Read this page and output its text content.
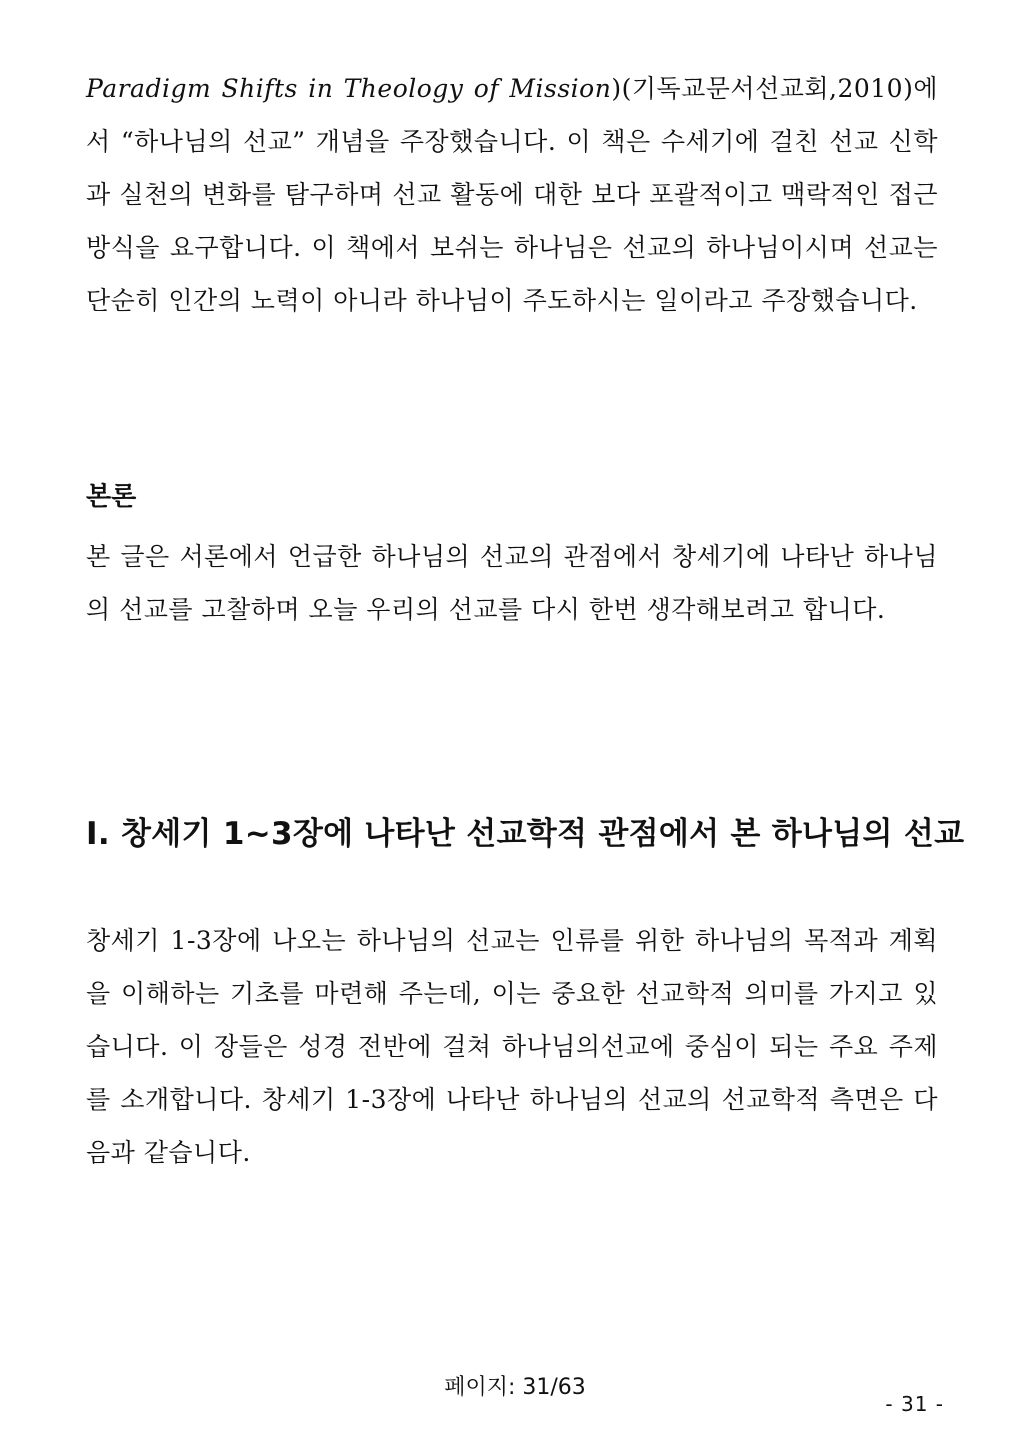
Paradigm Shifts in Theology of Mission)(기독교문서선교회,2010)에서 “하나님의 선교” 개념을 주장했습니다. 이 책은 수세기에 걸친 선교 신학과 실천의 변화를 탐구하며 선교 활동에 대한 보다 포괄적이고 맥락적인 접근 방식을 요구합니다. 이 책에서 보쉬는 하나님은 선교의 하나님이시며 선교는 단순히 인간의 노력이 아니라 하나님이 주도하시는 일이라고 주장했습니다.

본론

본 글은 서론에서 언급한 하나님의 선교의 관점에서 창세기에 나타난 하나님의 선교를 고찰하며 오늘 우리의 선교를 다시 한번 생각해보려고 합니다.

I. 창세기 1~3장에 나타난 선교학적 관점에서 본 하나님의 선교

창세기 1-3장에 나오는 하나님의 선교는 인류를 위한 하나님의 목적과 계획을 이해하는 기초를 마련해 주는데, 이는 중요한 선교학적 의미를 가지고 있습니다. 이 장들은 성경 전반에 걸쳐 하나님의선교에 중심이 되는 주요 주제를 소개합니다. 창세기 1-3장에 나타난 하나님의 선교의 선교학적 측면은 다음과 같습니다.

페이지: 31/63
- 31 -
